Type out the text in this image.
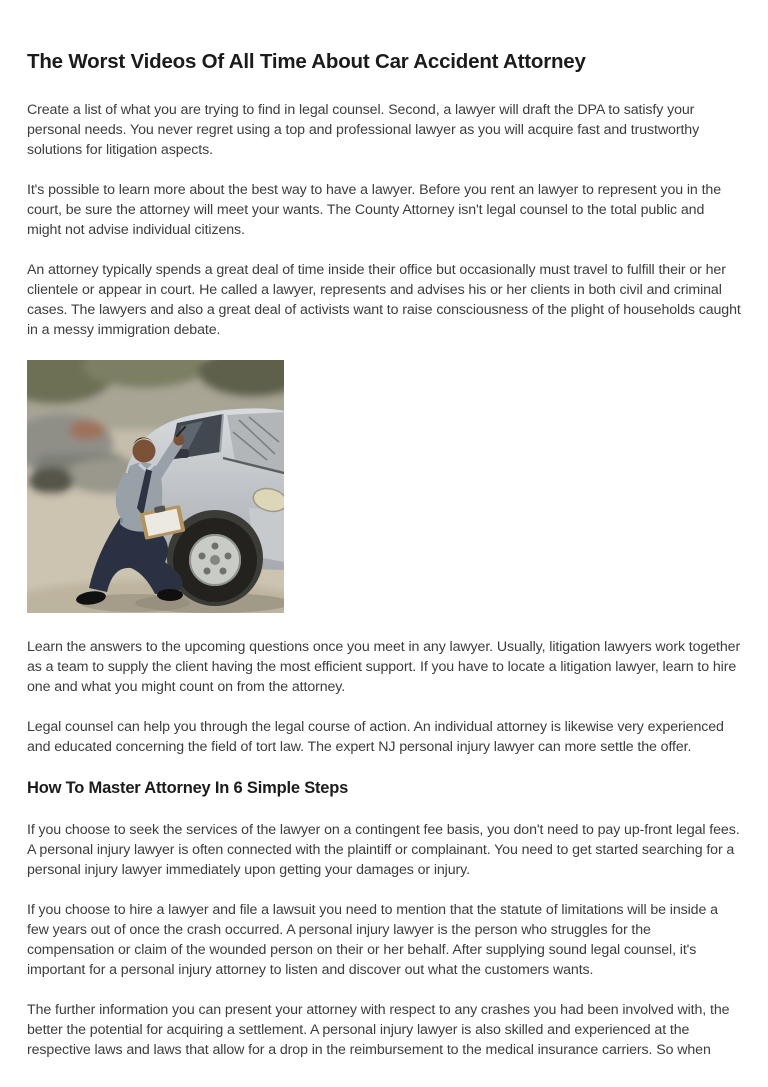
The Worst Videos Of All Time About Car Accident Attorney

Create a list of what you are trying to find in legal counsel. Second, a lawyer will draft the DPA to satisfy your personal needs. You never regret using a top and professional lawyer as you will acquire fast and trustworthy solutions for litigation aspects.

It's possible to learn more about the best way to have a lawyer. Before you rent an lawyer to represent you in the court, be sure the attorney will meet your wants. The County Attorney isn't legal counsel to the total public and might not advise individual citizens.

An attorney typically spends a great deal of time inside their office but occasionally must travel to fulfill their or her clientele or appear in court. He called a lawyer, represents and advises his or her clients in both civil and criminal cases. The lawyers and also a great deal of activists want to raise consciousness of the plight of households caught in a messy immigration debate.

Learn the answers to the upcoming questions once you meet in any lawyer. Usually, litigation lawyers work together as a team to supply the client having the most efficient support. If you have to locate a litigation lawyer, learn to hire one and what you might count on from the attorney.

Legal counsel can help you through the legal course of action. An individual attorney is likewise very experienced and educated concerning the field of tort law. The expert NJ personal injury lawyer can more settle the offer.

How To Master Attorney In 6 Simple Steps

If you choose to seek the services of the lawyer on a contingent fee basis, you don't need to pay up-front legal fees. A personal injury lawyer is often connected with the plaintiff or complainant. You need to get started searching for a personal injury lawyer immediately upon getting your damages or injury.

If you choose to hire a lawyer and file a lawsuit you need to mention that the statute of limitations will be inside a few years out of once the crash occurred. A personal injury lawyer is the person who struggles for the compensation or claim of the wounded person on their or her behalf. After supplying sound legal counsel, it's important for a personal injury attorney to listen and discover out what the customers wants.

The further information you can present your attorney with respect to any crashes you had been involved with, the better the potential for acquiring a settlement. A personal injury lawyer is also skilled and experienced at the respective laws and laws that allow for a drop in the reimbursement to the medical insurance carriers. So when
